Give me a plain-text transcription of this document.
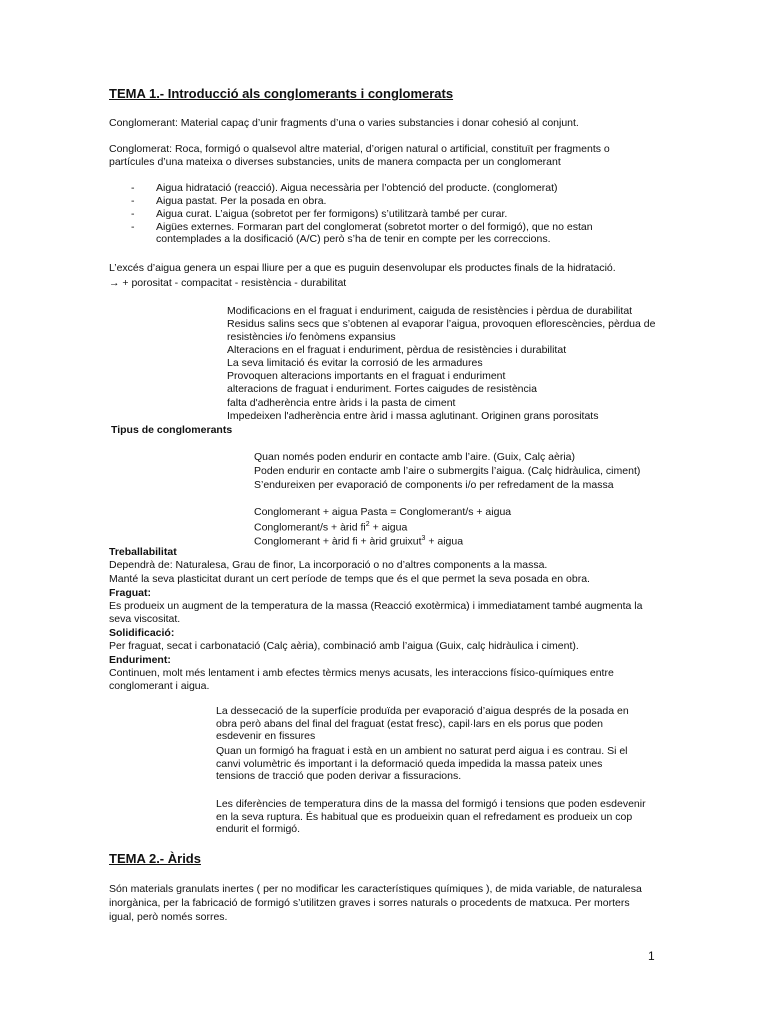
TEMA 1.- Introducció als conglomerants i conglomerats
Conglomerant: Material capaç d’unir fragments d’una o varies substancies i donar cohesió al conjunt.
Conglomerat: Roca, formigó o qualsevol altre material, d’origen natural o artificial, constituït per fragments o partícules d’una mateixa o diverses substancies, units de manera compacta per un conglomerant
- Aigua hidratació (reacció). Aigua necessària per l’obtenció del producte. (conglomerat)
- Aigua pastat. Per la posada en obra.
- Aigua curat. L’aigua (sobretot per fer formigons) s’utilitzarà també per curar.
- Aigües externes. Formaran part del conglomerat (sobretot morter o del formigó), que no estan contemplades a la dosificació (A/C) però s’ha de tenir en compte per les correccions.
L’excés d’aigua genera un espai lliure per a que es puguin desenvolupar els productes finals de la hidratació.
→ + porositat - compacitat - resistència - durabilitat
Modificacions en el fraguat i enduriment, caiguda de resistències i pèrdua de durabilitat
Residus salins secs que s’obtenen al evaporar l’aigua, provoquen eflorescències, pèrdua de resistències i/o fenòmens expansius
Alteracions en el fraguat i enduriment, pèrdua de resistències i durabilitat
La seva limitació és evitar la corrosió de les armadures
Provoquen alteracions importants en el fraguat i enduriment
alteracions de fraguat i enduriment. Fortes caigudes de resistència
falta d'adherència entre àrids i la pasta de ciment
Impedeixen l'adherència entre àrid i massa aglutinant. Originen grans porositats
Tipus de conglomerants
Quan només poden endurir en contacte amb l’aire. (Guix, Calç aèria)
Poden endurir en contacte amb l’aire o submergits l’aigua. (Calç hidràulica, ciment)
S’endureixen per evaporació de components i/o per refredament de la massa
Conglomerant + aigua Pasta = Conglomerant/s + aigua
Conglomerant/s + àrid $fi^2$ + aigua
Conglomerant + àrid fi + àrid gruixut$^3$ + aigua
Treballabilitat
Dependrà de: Naturalesa, Grau de finor, La incorporació o no d’altres components a la massa.
Manté la seva plasticitat durant un cert període de temps que és el que permet la seva posada en obra.
Fraguat:
Es produeix un augment de la temperatura de la massa (Reacció exotèrmica) i immediatament també augmenta la seva viscositat.
Solidificació:
Per fraguat, secat i carbonatació (Calç aèria), combinació amb l’aigua (Guix, calç hidràulica i ciment).
Enduriment:
Continuen, molt més lentament i amb efectes tèrmics menys acusats, les interaccions físico-químiques entre conglomerant i aigua.
La dessecació de la superfície produïda per evaporació d’aigua després de la posada en obra però abans del final del fraguat (estat fresc), capil·lars en els porus que poden esdevenir en fissures
Quan un formigó ha fraguat i està en un ambient no saturat perd aigua i es contrau. Si el canvi volumètric és important i la deformació queda impedida la massa pateix unes tensions de tracció que poden derivar a fissuracions.
Les diferències de temperatura dins de la massa del formigó i tensions que poden esdevenir en la seva ruptura. És habitual que es produeixin quan el refredament es produeix un cop endurit el formigó.
TEMA 2.- Àrids
Són materials granulats inertes ( per no modificar les característiques químiques ), de mida variable, de naturalesa inorgànica, per la fabricació de formigó s’utilitzen graves i sorres naturals o procedents de matxuca. Per morters igual, però només sorres.
1
